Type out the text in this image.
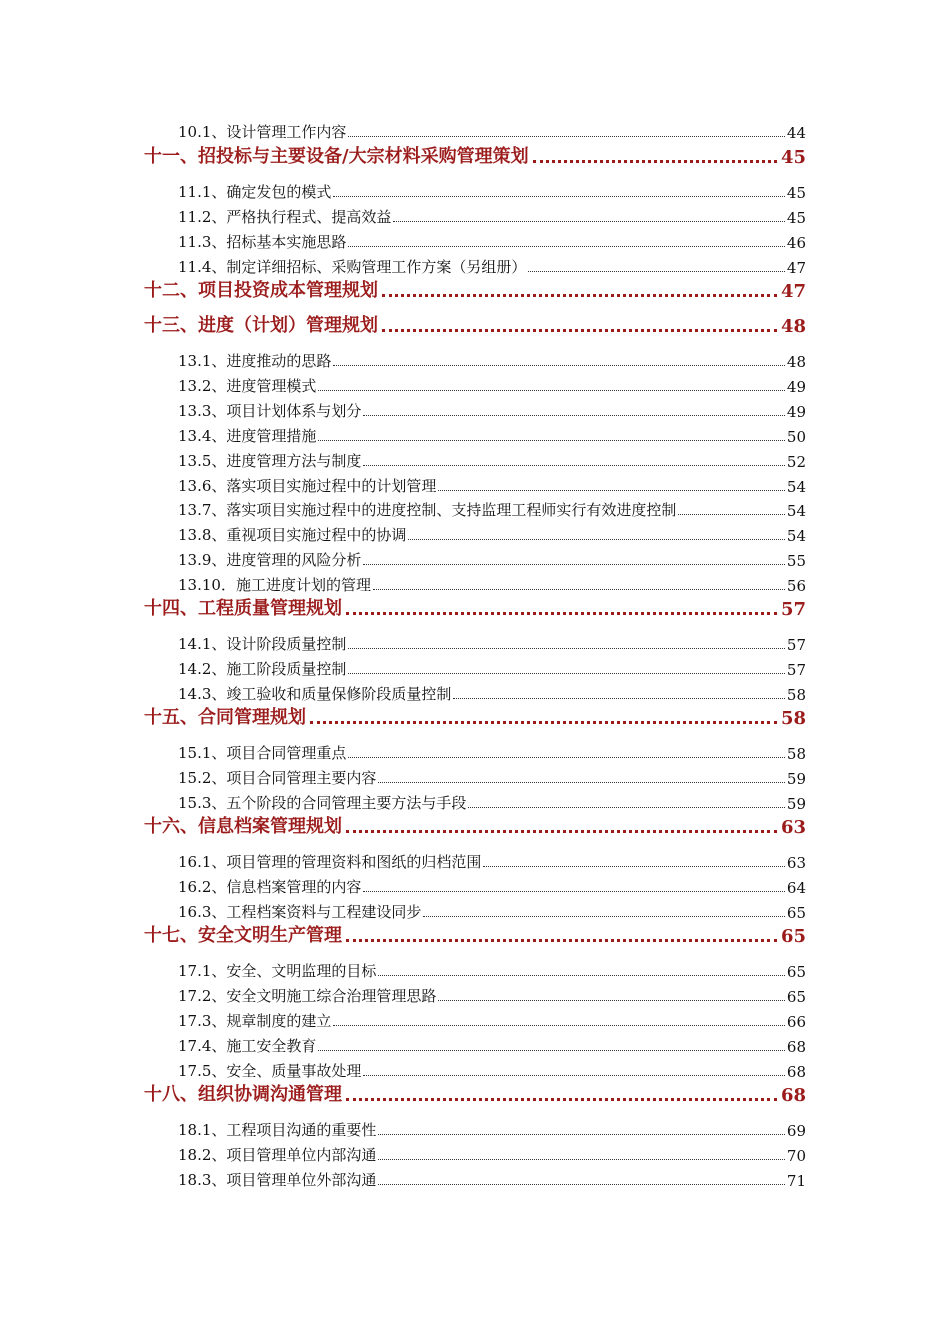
10.1、设计管理工作内容	44
十一、招投标与主要设备/大宗材料采购管理策划	45
11.1、确定发包的模式	45
11.2、严格执行程式、提高效益	45
11.3、招标基本实施思路	46
11.4、制定详细招标、采购管理工作方案（另组册）	47
十二、项目投资成本管理规划	47
十三、进度（计划）管理规划	48
13.1、进度推动的思路	48
13.2、进度管理模式	49
13.3、项目计划体系与划分	49
13.4、进度管理措施	50
13.5、进度管理方法与制度	52
13.6、落实项目实施过程中的计划管理	54
13.7、落实项目实施过程中的进度控制、支持监理工程师实行有效进度控制	54
13.8、重视项目实施过程中的协调	54
13.9、进度管理的风险分析	55
13.10．施工进度计划的管理	56
十四、工程质量管理规划	57
14.1、设计阶段质量控制	57
14.2、施工阶段质量控制	57
14.3、竣工验收和质量保修阶段质量控制	58
十五、合同管理规划	58
15.1、项目合同管理重点	58
15.2、项目合同管理主要内容	59
15.3、五个阶段的合同管理主要方法与手段	59
十六、信息档案管理规划	63
16.1、项目管理的管理资料和图纸的归档范围	63
16.2、信息档案管理的内容	64
16.3、工程档案资料与工程建设同步	65
十七、安全文明生产管理	65
17.1、安全、文明监理的目标	65
17.2、安全文明施工综合治理管理思路	65
17.3、规章制度的建立	66
17.4、施工安全教育	68
17.5、安全、质量事故处理	68
十八、组织协调沟通管理	68
18.1、工程项目沟通的重要性	69
18.2、项目管理单位内部沟通	70
18.3、项目管理单位外部沟通	71
